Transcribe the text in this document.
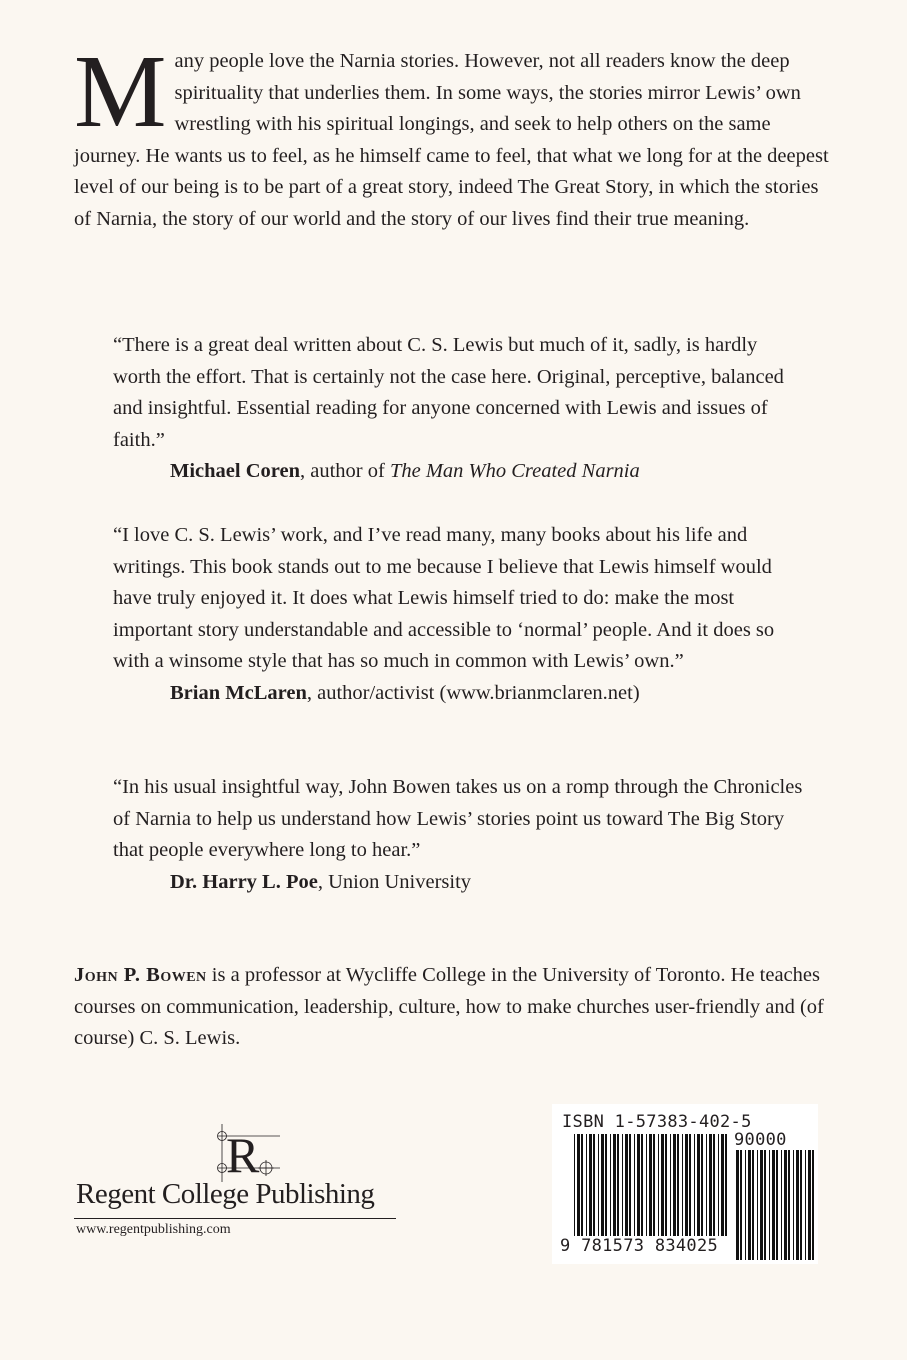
M any people love the Narnia stories. However, not all readers know the deep spirituality that underlies them. In some ways, the stories mirror Lewis’ own wrestling with his spiritual longings, and seek to help others on the same journey. He wants us to feel, as he himself came to feel, that what we long for at the deepest level of our being is to be part of a great story, indeed The Great Story, in which the stories of Narnia, the story of our world and the story of our lives find their true meaning.
“There is a great deal written about C. S. Lewis but much of it, sadly, is hardly worth the effort. That is certainly not the case here. Original, perceptive, balanced and insightful. Essential reading for anyone concerned with Lewis and issues of faith.”
Michael Coren, author of The Man Who Created Narnia
“I love C. S. Lewis’ work, and I’ve read many, many books about his life and writings. This book stands out to me because I believe that Lewis himself would have truly enjoyed it. It does what Lewis himself tried to do: make the most important story understandable and accessible to ‘normal’ people. And it does so with a winsome style that has so much in common with Lewis’ own.”
Brian McLaren, author/activist (www.brianmclaren.net)
“In his usual insightful way, John Bowen takes us on a romp through the Chronicles of Narnia to help us understand how Lewis’ stories point us toward The Big Story that people everywhere long to hear.”
Dr. Harry L. Poe, Union University
John P. Bowen is a professor at Wycliffe College in the University of Toronto. He teaches courses on communication, leadership, culture, how to make churches user-friendly and (of course) C. S. Lewis.
R
Regent College Publishing
www.regentpublishing.com
ISBN 1-57383-402-5
90000
9 781573 834025
